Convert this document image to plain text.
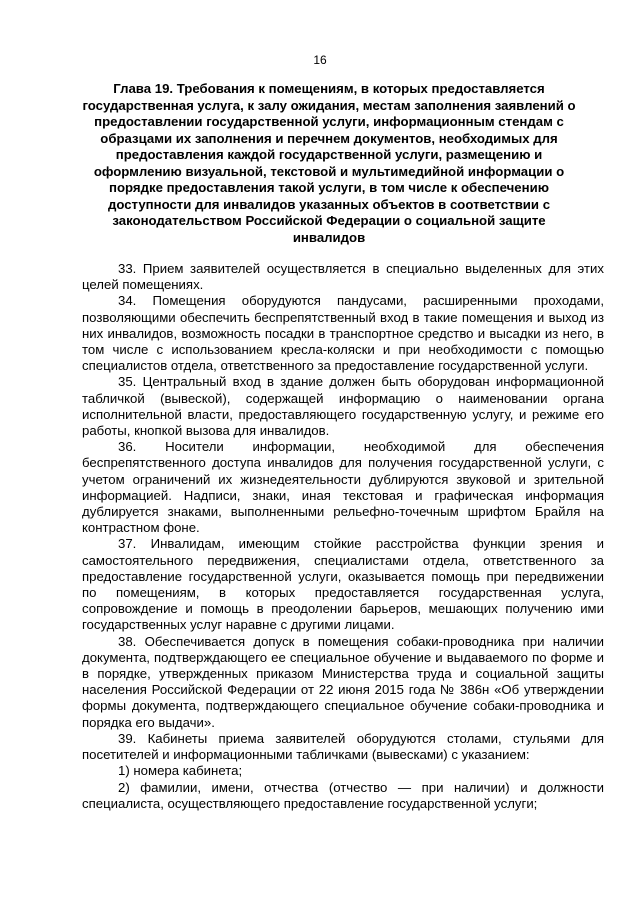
16
Глава 19. Требования к помещениям, в которых предоставляется государственная услуга, к залу ожидания, местам заполнения заявлений о предоставлении государственной услуги, информационным стендам с образцами их заполнения и перечнем документов, необходимых для предоставления каждой государственной услуги, размещению и оформлению визуальной, текстовой и мультимедийной информации о порядке предоставления такой услуги, в том числе к обеспечению доступности для инвалидов указанных объектов в соответствии с законодательством Российской Федерации о социальной защите инвалидов

33. Прием заявителей осуществляется в специально выделенных для этих целей помещениях.

34. Помещения оборудуются пандусами, расширенными проходами, позволяющими обеспечить беспрепятственный вход в такие помещения и выход из них инвалидов, возможность посадки в транспортное средство и высадки из него, в том числе с использованием кресла-коляски и при необходимости с помощью специалистов отдела, ответственного за предоставление государственной услуги.

35. Центральный вход в здание должен быть оборудован информационной табличкой (вывеской), содержащей информацию о наименовании органа исполнительной власти, предоставляющего государственную услугу, и режиме его работы, кнопкой вызова для инвалидов.

36. Носители информации, необходимой для обеспечения беспрепятственного доступа инвалидов для получения государственной услуги, с учетом ограничений их жизнедеятельности дублируются звуковой и зрительной информацией. Надписи, знаки, иная текстовая и графическая информация дублируется знаками, выполненными рельефно-точечным шрифтом Брайля на контрастном фоне.

37. Инвалидам, имеющим стойкие расстройства функции зрения и самостоятельного передвижения, специалистами отдела, ответственного за предоставление государственной услуги, оказывается помощь при передвижении по помещениям, в которых предоставляется государственная услуга, сопровождение и помощь в преодолении барьеров, мешающих получению ими государственных услуг наравне с другими лицами.

38. Обеспечивается допуск в помещения собаки-проводника при наличии документа, подтверждающего ее специальное обучение и выдаваемого по форме и в порядке, утвержденных приказом Министерства труда и социальной защиты населения Российской Федерации от 22 июня 2015 года № 386н «Об утверждении формы документа, подтверждающего специальное обучение собаки-проводника и порядка его выдачи».

39. Кабинеты приема заявителей оборудуются столами, стульями для посетителей и информационными табличками (вывесками) с указанием:

1) номера кабинета;

2) фамилии, имени, отчества (отчество — при наличии) и должности специалиста, осуществляющего предоставление государственной услуги;
